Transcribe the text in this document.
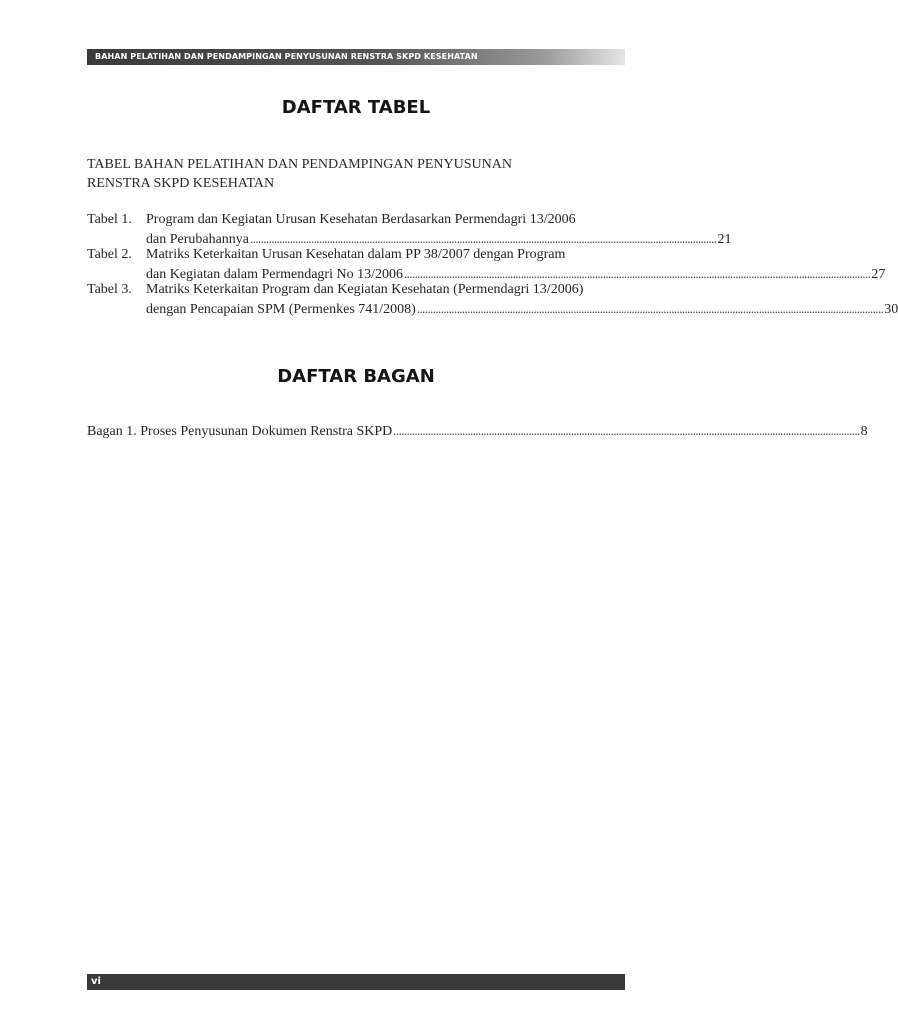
BAHAN PELATIHAN DAN PENDAMPINGAN PENYUSUNAN RENSTRA SKPD KESEHATAN
DAFTAR TABEL
TABEL BAHAN PELATIHAN DAN PENDAMPINGAN PENYUSUNAN
RENSTRA SKPD KESEHATAN
Tabel 1. Program dan Kegiatan Urusan Kesehatan Berdasarkan Permendagri 13/2006
dan Perubahannya ................................................................................................................................................................................ 21
Tabel 2. Matriks Keterkaitan Urusan Kesehatan dalam PP 38/2007 dengan Program
dan Kegiatan dalam Permendagri No 13/2006 ................................................................................................................................................................................ 27
Tabel 3. Matriks Keterkaitan Program dan Kegiatan Kesehatan (Permendagri 13/2006)
dengan Pencapaian SPM (Permenkes 741/2008) ................................................................................................................................................................................ 30
DAFTAR BAGAN
Bagan 1. Proses Penyusunan Dokumen Renstra SKPD ................................................................................................................................................................................ 8
vi
